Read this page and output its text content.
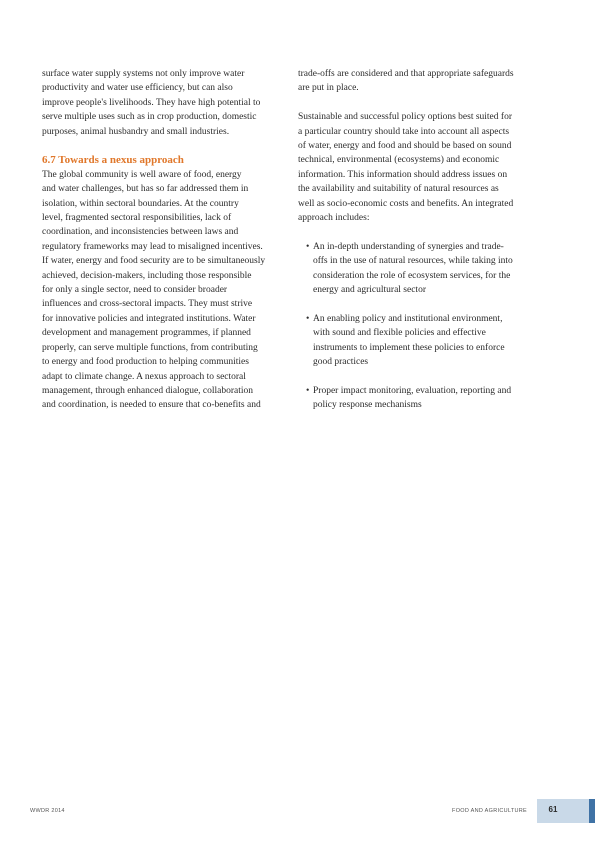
surface water supply systems not only improve water
productivity and water use efficiency, but can also
improve people's livelihoods. They have high potential to
serve multiple uses such as in crop production, domestic
purposes, animal husbandry and small industries.
6.7 Towards a nexus approach
The global community is well aware of food, energy
and water challenges, but has so far addressed them in
isolation, within sectoral boundaries. At the country
level, fragmented sectoral responsibilities, lack of
coordination, and inconsistencies between laws and
regulatory frameworks may lead to misaligned incentives.
If water, energy and food security are to be simultaneously
achieved, decision-makers, including those responsible
for only a single sector, need to consider broader
influences and cross-sectoral impacts. They must strive
for innovative policies and integrated institutions. Water
development and management programmes, if planned
properly, can serve multiple functions, from contributing
to energy and food production to helping communities
adapt to climate change. A nexus approach to sectoral
management, through enhanced dialogue, collaboration
and coordination, is needed to ensure that co-benefits and
trade-offs are considered and that appropriate safeguards
are put in place.
Sustainable and successful policy options best suited for
a particular country should take into account all aspects
of water, energy and food and should be based on sound
technical, environmental (ecosystems) and economic
information. This information should address issues on
the availability and suitability of natural resources as
well as socio-economic costs and benefits. An integrated
approach includes:
• An in-depth understanding of synergies and trade-
offs in the use of natural resources, while taking into
consideration the role of ecosystem services, for the
energy and agricultural sector
• An enabling policy and institutional environment,
with sound and flexible policies and effective
instruments to implement these policies to enforce
good practices
• Proper impact monitoring, evaluation, reporting and
policy response mechanisms
WWDR 2014	FOOD AND AGRICULTURE	61
